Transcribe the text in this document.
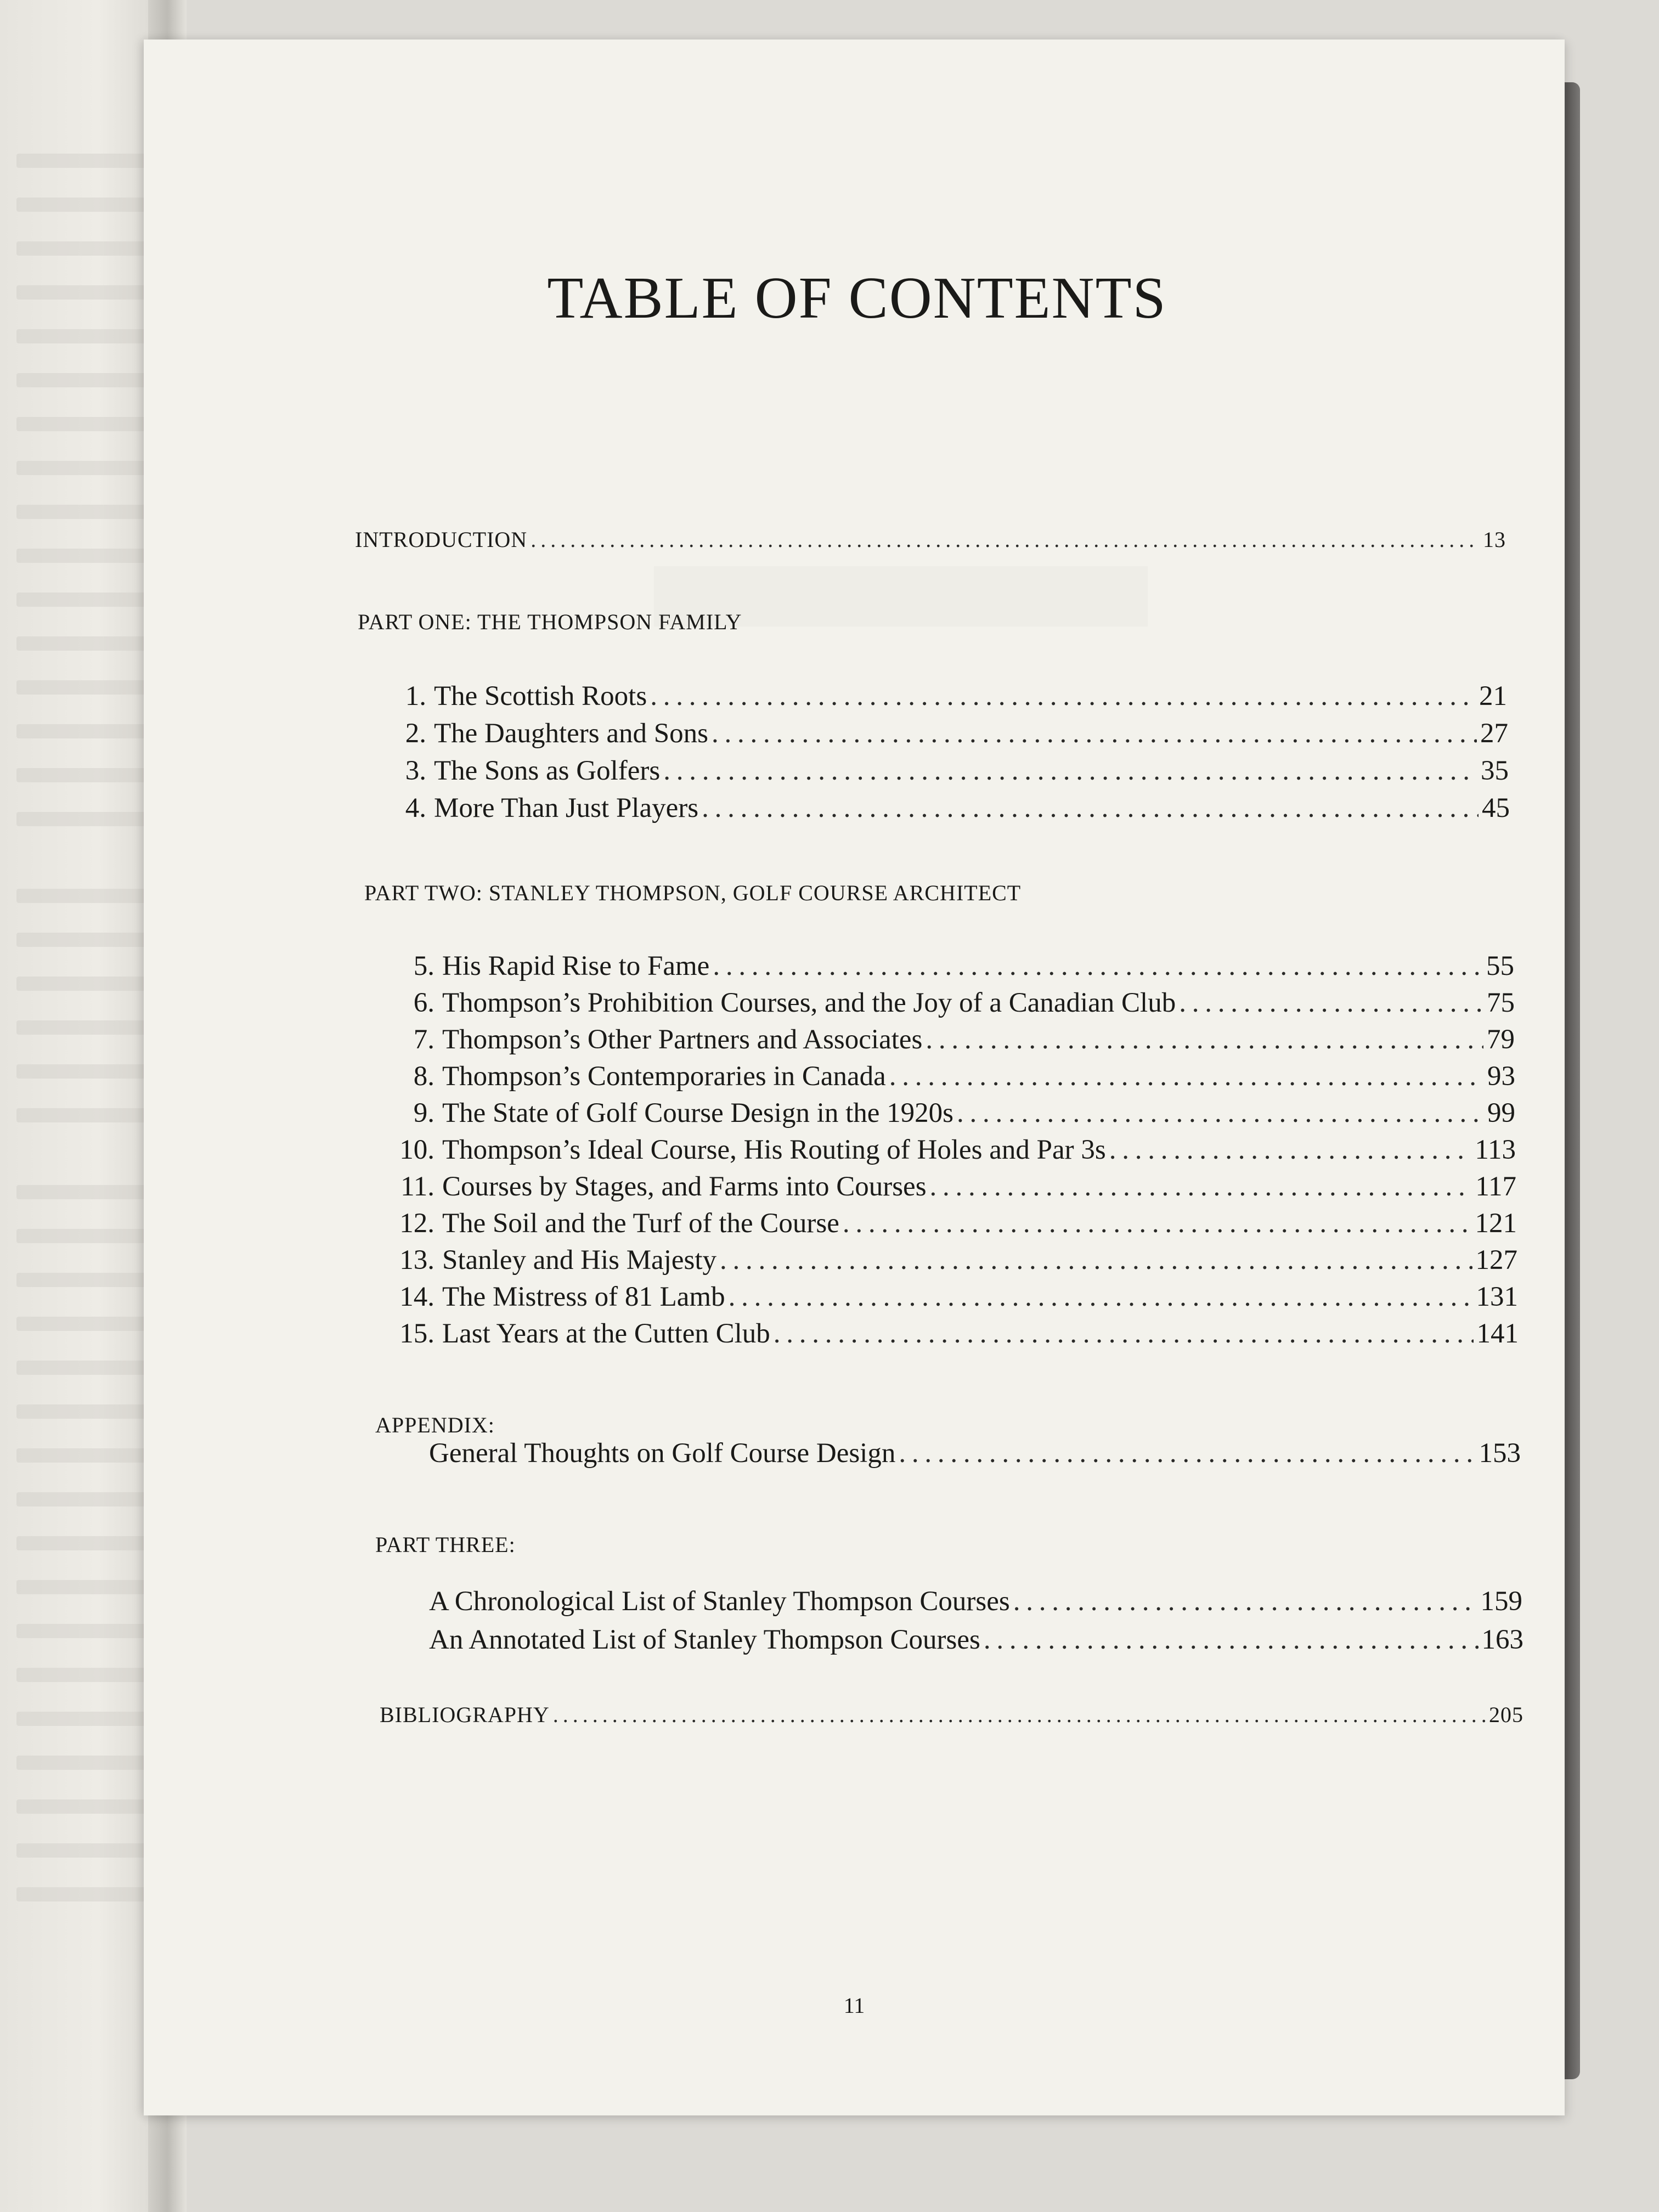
TABLE OF CONTENTS
INTRODUCTION . . .	13
PART ONE: THE THOMPSON FAMILY
1. The Scottish Roots . . .	21
2. The Daughters and Sons . . .	27
3. The Sons as Golfers . . .	35
4. More Than Just Players . . .	45
PART TWO: STANLEY THOMPSON, GOLF COURSE ARCHITECT
5. His Rapid Rise to Fame . . .	55
6. Thompson’s Prohibition Courses, and the Joy of a Canadian Club . . .	75
7. Thompson’s Other Partners and Associates . . .	79
8. Thompson’s Contemporaries in Canada . . .	93
9. The State of Golf Course Design in the 1920s . . .	99
10. Thompson’s Ideal Course, His Routing of Holes and Par 3s . . .	113
11. Courses by Stages, and Farms into Courses . . .	117
12. The Soil and the Turf of the Course . . .	121
13. Stanley and His Majesty . . .	127
14. The Mistress of 81 Lamb . . .	131
15. Last Years at the Cutten Club . . .	141
APPENDIX:
General Thoughts on Golf Course Design . . .	153
PART THREE:
A Chronological List of Stanley Thompson Courses . . .	159
An Annotated List of Stanley Thompson Courses . . .	163
BIBLIOGRAPHY . . .	205
11
